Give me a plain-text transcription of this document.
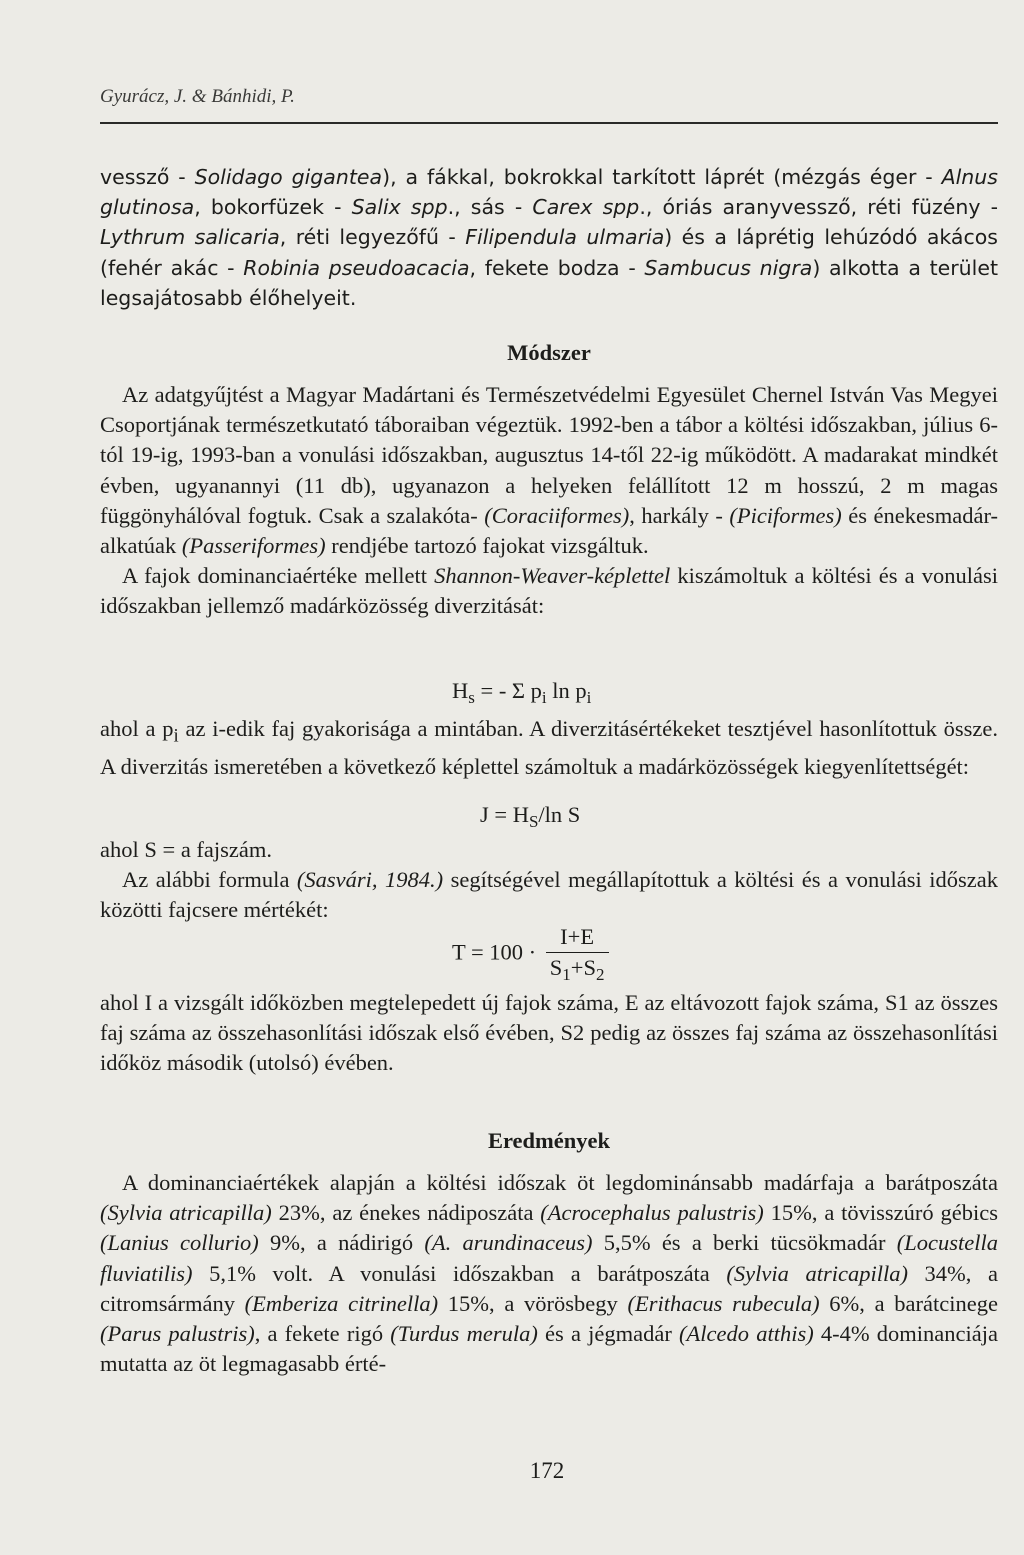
Gyurácz, J. & Bánhidi, P.

vessző - Solidago gigantea), a fákkal, bokrokkal tarkított láprét (mézgás éger - Alnus glutinosa, bokorfüzek - Salix spp., sás - Carex spp., óriás aranyvessző, réti füzény - Lythrum salicaria, réti legyezőfű - Filipendula ulmaria) és a láprétig lehúzódó akácos (fehér akác - Robinia pseudoacacia, fekete bodza - Sambucus nigra) alkotta a terület legsajátosabb élőhelyeit.

Módszer

Az adatgyűjtést a Magyar Madártani és Természetvédelmi Egyesület Chernel István Vas Megyei Csoportjának természetkutató táboraiban végeztük. 1992-ben a tábor a költési időszakban, július 6-tól 19-ig, 1993-ban a vonulási időszakban, augusztus 14-től 22-ig működött. A madarakat mindkét évben, ugyanannyi (11 db), ugyanazon a helyeken felállított 12 m hosszú, 2 m magas függönyhálóval fogtuk. Csak a szalakóta- (Coraciiformes), harkály - (Piciformes) és énekesmadár-alkatúak (Passeriformes) rendjébe tartozó fajokat vizsgáltuk.

A fajok dominanciaértéke mellett Shannon-Weaver-képlettel kiszámoltuk a költési és a vonulási időszakban jellemző madárközösség diverzitását:

$H_s$ = - Σ $p_i$ $\ln p_i$

ahol a $p_i$ az i-edik faj gyakorisága a mintában. A diverzitásértékeket tesztjével hasonlítottuk össze. A diverzitás ismeretében a következő képlettel számoltuk a madárközösségek kiegyenlítettségét:

$J = H_S/\ln$ S

ahol S = a fajszám.

Az alábbi formula (Sasvári, 1984.) segítségével megállapítottuk a költési és a vonulási időszak közötti fajcsere mértékét:

$T = 100 \cdot \frac{I+E}{S_1+S_2}$

ahol I a vizsgált időközben megtelepedett új fajok száma, E az eltávozott fajok száma, S1 az összes faj száma az összehasonlítási időszak első évében, S2 pedig az összes faj száma az összehasonlítási időköz második (utolsó) évében.

Eredmények

A dominanciaértékek alapján a költési időszak öt legdominánsabb madárfaja a barátposzáta (Sylvia atricapilla) 23%, az énekes nádiposzáta (Acrocephalus palustris) 15%, a tövisszúró gébics (Lanius collurio) 9%, a nádirigó (A. arundinaceus) 5,5% és a berki tücsökmadár (Locustella fluviatilis) 5,1% volt. A vonulási időszakban a barátposzáta (Sylvia atricapilla) 34%, a citromsármány (Emberiza citrinella) 15%, a vörösbegy (Erithacus rubecula) 6%, a barátcinege (Parus palustris), a fekete rigó (Turdus merula) és a jégmadár (Alcedo atthis) 4-4% dominanciája mutatta az öt legmagasabb érté-

172
